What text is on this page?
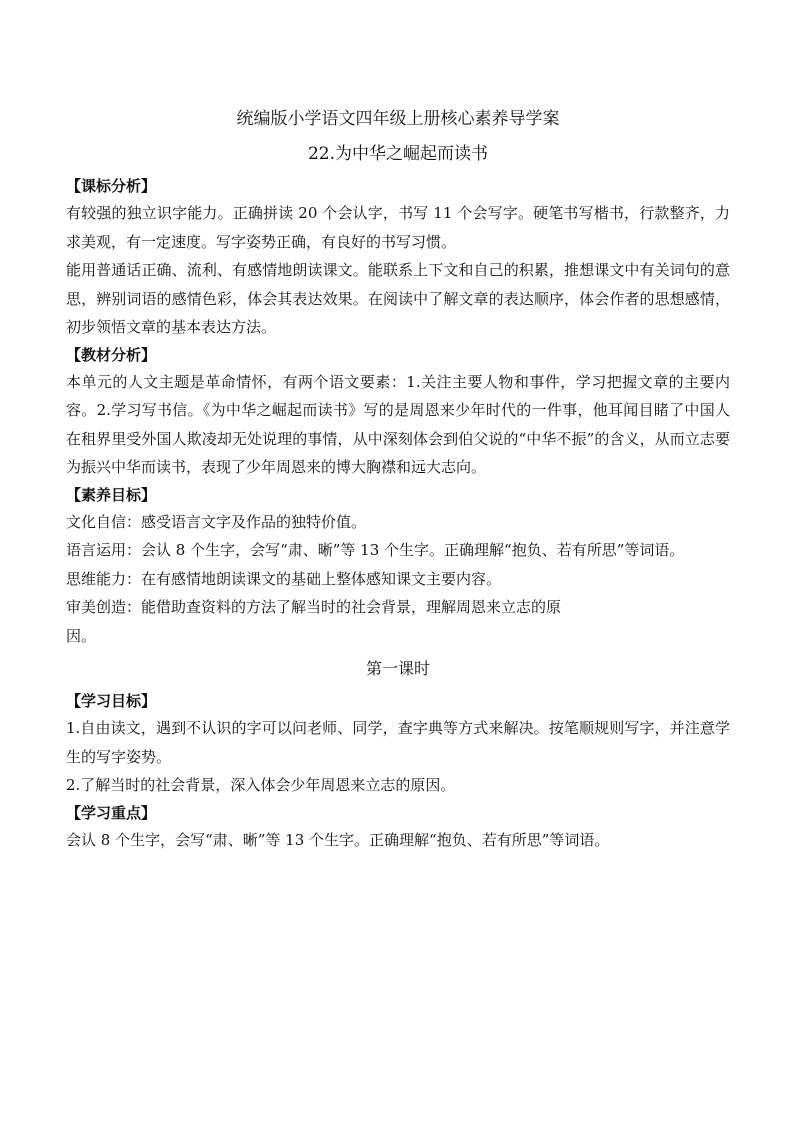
统编版小学语文四年级上册核心素养导学案

22.为中华之崛起而读书

【课标分析】

有较强的独立识字能力。正确拼读 20 个会认字，书写 11 个会写字。硬笔书写楷书，行款整齐，力求美观，有一定速度。写字姿势正确，有良好的书写习惯。

能用普通话正确、流利、有感情地朗读课文。能联系上下文和自己的积累，推想课文中有关词句的意思，辨别词语的感情色彩，体会其表达效果。在阅读中了解文章的表达顺序，体会作者的思想感情，初步领悟文章的基本表达方法。

【教材分析】

本单元的人文主题是革命情怀，有两个语文要素：1.关注主要人物和事件，学习把握文章的主要内容。2.学习写书信。《为中华之崛起而读书》写的是周恩来少年时代的一件事，他耳闻目睹了中国人在租界里受外国人欺凌却无处说理的事情，从中深刻体会到伯父说的“中华不振”的含义，从而立志要为振兴中华而读书，表现了少年周恩来的博大胸襟和远大志向。

【素养目标】

文化自信：感受语言文字及作品的独特价值。

语言运用：会认 8 个生字，会写“肃、晰”等 13 个生字。正确理解“抱负、若有所思”等词语。

思维能力：在有感情地朗读课文的基础上整体感知课文主要内容。

审美创造：能借助查资料的方法了解当时的社会背景，理解周恩来立志的原

因。

第一课时

【学习目标】

1.自由读文，遇到不认识的字可以问老师、同学，查字典等方式来解决。按笔顺规则写字，并注意学生的写字姿势。

2.了解当时的社会背景，深入体会少年周恩来立志的原因。

【学习重点】

会认 8 个生字，会写“肃、晰”等 13 个生字。正确理解“抱负、若有所思”等词语。
